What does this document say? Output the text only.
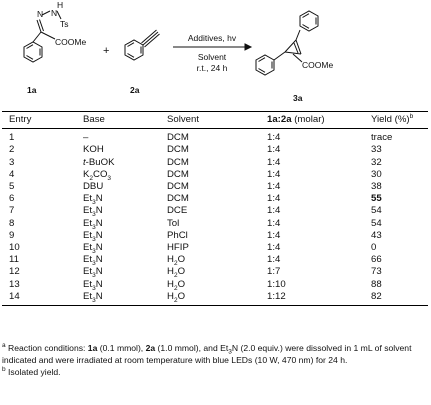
H
N
N
Ts
COOMe
1a
+
2a
Additives, hv
Solvent
r.t., 24 h	COOMe
3a
Entry	Base	Solvent	1a:2a (molar)	Yield (%)$^b$
1	–	DCM	1:4	trace
2	KOH	DCM	1:4	33
3	t-BuOK	DCM	1:4	32
4	$K_2CO_3$	DCM	1:4	30
5	DBU	DCM	1:4	38
6	$Et_3N$	DCM	1:4	55
7	$Et_3N$	DCE	1:4	54
8	$Et_3N$	Tol	1:4	54
9	$Et_3N$	PhCl	1:4	43
10	$Et_3N$	HFIP	1:4	0
11	$Et_3N$	$H_2O$	1:4	66
12	$Et_3N$	$H_2O$	1:7	73
13	$Et_3N$	$H_2O$	1:10	88
14	$Et_3N$	$H_2O$	1:12	82

$^a$ Reaction conditions: 1a (0.1 mmol), 2a (1.0 mmol), and $Et_3N$ (2.0 equiv.) were dissolved in 1 mL of solvent indicated and were irradiated at room temperature with blue LEDs (10 W, 470 nm) for 24 h.

$^b$ Isolated yield.
